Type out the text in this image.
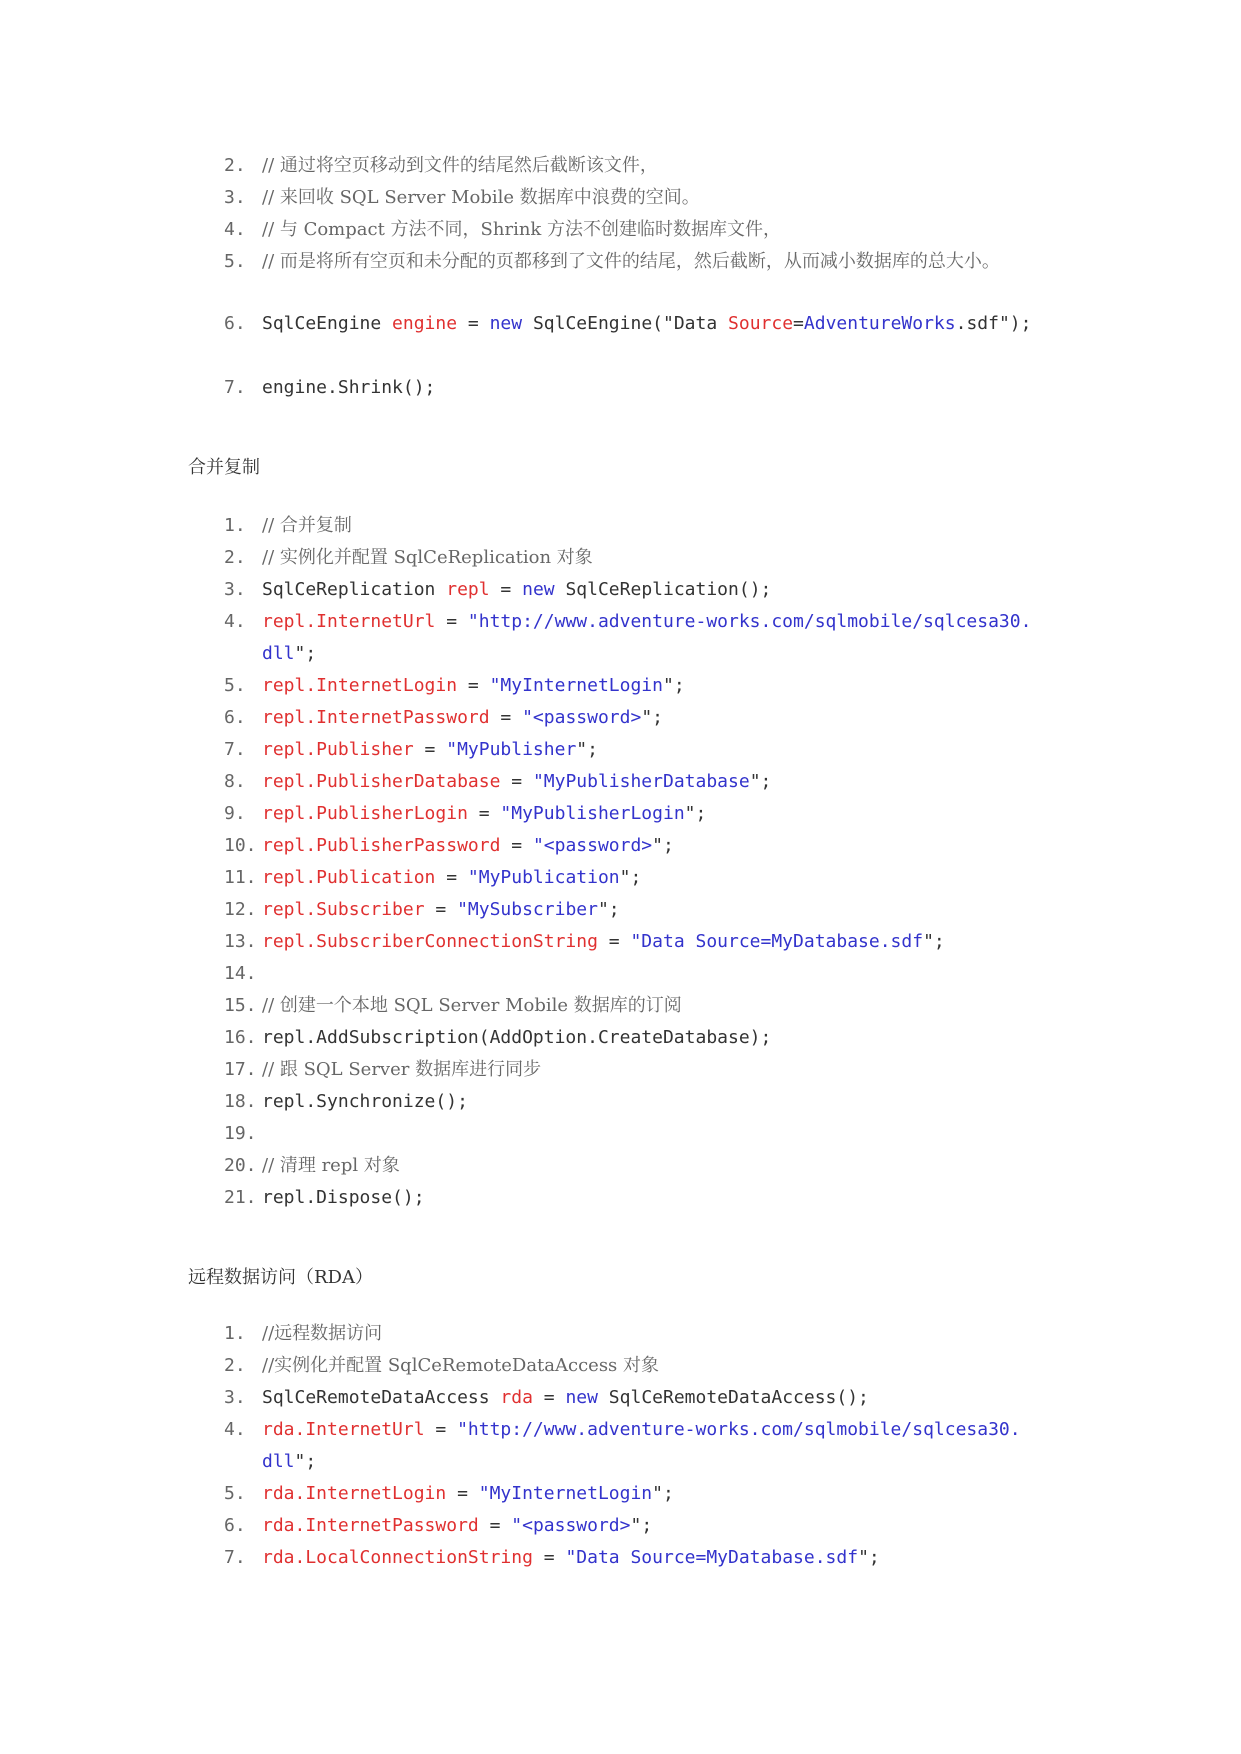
2. // 通过将空页移动到文件的结尾然后截断该文件，
3. // 来回收 SQL Server Mobile 数据库中浪费的空间。
4. // 与 Compact 方法不同，Shrink 方法不创建临时数据库文件，
5. // 而是将所有空页和未分配的页都移到了文件的结尾，然后截断，从而减小数据库的总大小。
6. SqlCeEngine engine = new SqlCeEngine("Data Source=AdventureWorks.sdf");
7. engine.Shrink();
合并复制
1. // 合并复制
2. // 实例化并配置 SqlCeReplication 对象
3. SqlCeReplication repl = new SqlCeReplication();
4. repl.InternetUrl = "http://www.adventure-works.com/sqlmobile/sqlcesa30.
dll";
5. repl.InternetLogin = "MyInternetLogin";
6. repl.InternetPassword = "<password>";
7. repl.Publisher = "MyPublisher";
8. repl.PublisherDatabase = "MyPublisherDatabase";
9. repl.PublisherLogin = "MyPublisherLogin";
10. repl.PublisherPassword = "<password>";
11. repl.Publication = "MyPublication";
12. repl.Subscriber = "MySubscriber";
13. repl.SubscriberConnectionString = "Data Source=MyDatabase.sdf";
14.
15. // 创建一个本地 SQL Server Mobile 数据库的订阅
16. repl.AddSubscription(AddOption.CreateDatabase);
17. // 跟 SQL Server 数据库进行同步
18. repl.Synchronize();
19.
20. // 清理 repl 对象
21. repl.Dispose();
远程数据访问（RDA）
1. //远程数据访问
2. //实例化并配置 SqlCeRemoteDataAccess 对象
3. SqlCeRemoteDataAccess rda = new SqlCeRemoteDataAccess();
4. rda.InternetUrl = "http://www.adventure-works.com/sqlmobile/sqlcesa30.
dll";
5. rda.InternetLogin = "MyInternetLogin";
6. rda.InternetPassword = "<password>";
7. rda.LocalConnectionString = "Data Source=MyDatabase.sdf";
